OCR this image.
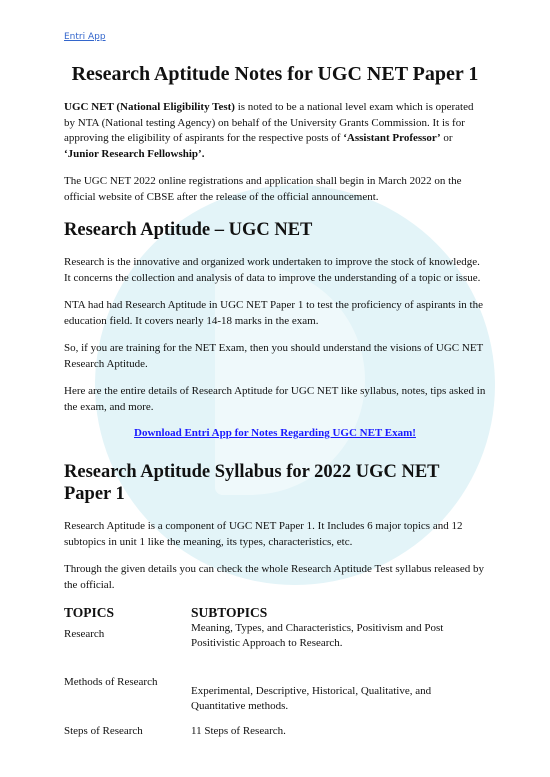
Entri App
Research Aptitude Notes for UGC NET Paper 1

UGC NET (National Eligibility Test) is noted to be a national level exam which is operated by NTA (National testing Agency) on behalf of the University Grants Commission. It is for approving the eligibility of aspirants for the respective posts of ‘Assistant Professor’ or
‘Junior Research Fellowship’.

The UGC NET 2022 online registrations and application shall begin in March 2022 on the official website of CBSE after the release of the official announcement.

Research Aptitude – UGC NET

Research is the innovative and organized work undertaken to improve the stock of knowledge. It concerns the collection and analysis of data to improve the understanding of a topic or issue.

NTA had had Research Aptitude in UGC NET Paper 1 to test the proficiency of aspirants in the education field. It covers nearly 14-18 marks in the exam.

So, if you are training for the NET Exam, then you should understand the visions of UGC NET Research Aptitude.

Here are the entire details of Research Aptitude for UGC NET like syllabus, notes, tips asked in the exam, and more.

Download Entri App for Notes Regarding UGC NET Exam!
Research Aptitude Syllabus for 2022 UGC NET Paper 1

Research Aptitude is a component of UGC NET Paper 1. It Includes 6 major topics and 12 subtopics in unit 1 like the meaning, its types, characteristics, etc.

Through the given details you can check the whole Research Aptitude Test syllabus released by the official.

TOPICS	SUBTOPICS
Research	Meaning, Types, and Characteristics, Positivism and Post Positivistic Approach to Research.
Methods of Research	Experimental, Descriptive, Historical, Qualitative, and Quantitative methods.
Steps of Research	11 Steps of Research.
